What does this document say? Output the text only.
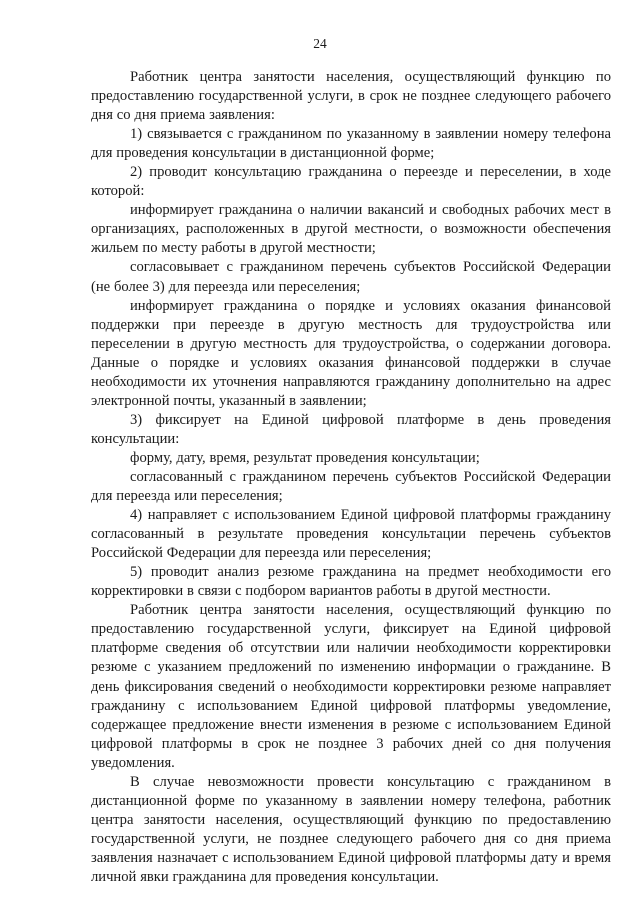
24

Работник центра занятости населения, осуществляющий функцию по предоставлению государственной услуги, в срок не позднее следующего рабочего дня со дня приема заявления:

1) связывается с гражданином по указанному в заявлении номеру телефона для проведения консультации в дистанционной форме;

2) проводит консультацию гражданина о переезде и переселении, в ходе которой:

информирует гражданина о наличии вакансий и свободных рабочих мест в организациях, расположенных в другой местности, о возможности обеспечения жильем по месту работы в другой местности;

согласовывает с гражданином перечень субъектов Российской Федерации (не более 3) для переезда или переселения;

информирует гражданина о порядке и условиях оказания финансовой поддержки при переезде в другую местность для трудоустройства или переселении в другую местность для трудоустройства, о содержании договора. Данные о порядке и условиях оказания финансовой поддержки в случае необходимости их уточнения направляются гражданину дополнительно на адрес электронной почты, указанный в заявлении;

3) фиксирует на Единой цифровой платформе в день проведения консультации:

форму, дату, время, результат проведения консультации;

согласованный с гражданином перечень субъектов Российской Федерации для переезда или переселения;

4) направляет с использованием Единой цифровой платформы гражданину согласованный в результате проведения консультации перечень субъектов Российской Федерации для переезда или переселения;

5) проводит анализ резюме гражданина на предмет необходимости его корректировки в связи с подбором вариантов работы в другой местности.

Работник центра занятости населения, осуществляющий функцию по предоставлению государственной услуги, фиксирует на Единой цифровой платформе сведения об отсутствии или наличии необходимости корректировки резюме с указанием предложений по изменению информации о гражданине. В день фиксирования сведений о необходимости корректировки резюме направляет гражданину с использованием Единой цифровой платформы уведомление, содержащее предложение внести изменения в резюме с использованием Единой цифровой платформы в срок не позднее 3 рабочих дней со дня получения уведомления.

В случае невозможности провести консультацию с гражданином в дистанционной форме по указанному в заявлении номеру телефона, работник центра занятости населения, осуществляющий функцию по предоставлению государственной услуги, не позднее следующего рабочего дня со дня приема заявления назначает с использованием Единой цифровой платформы дату и время личной явки гражданина для проведения консультации.
